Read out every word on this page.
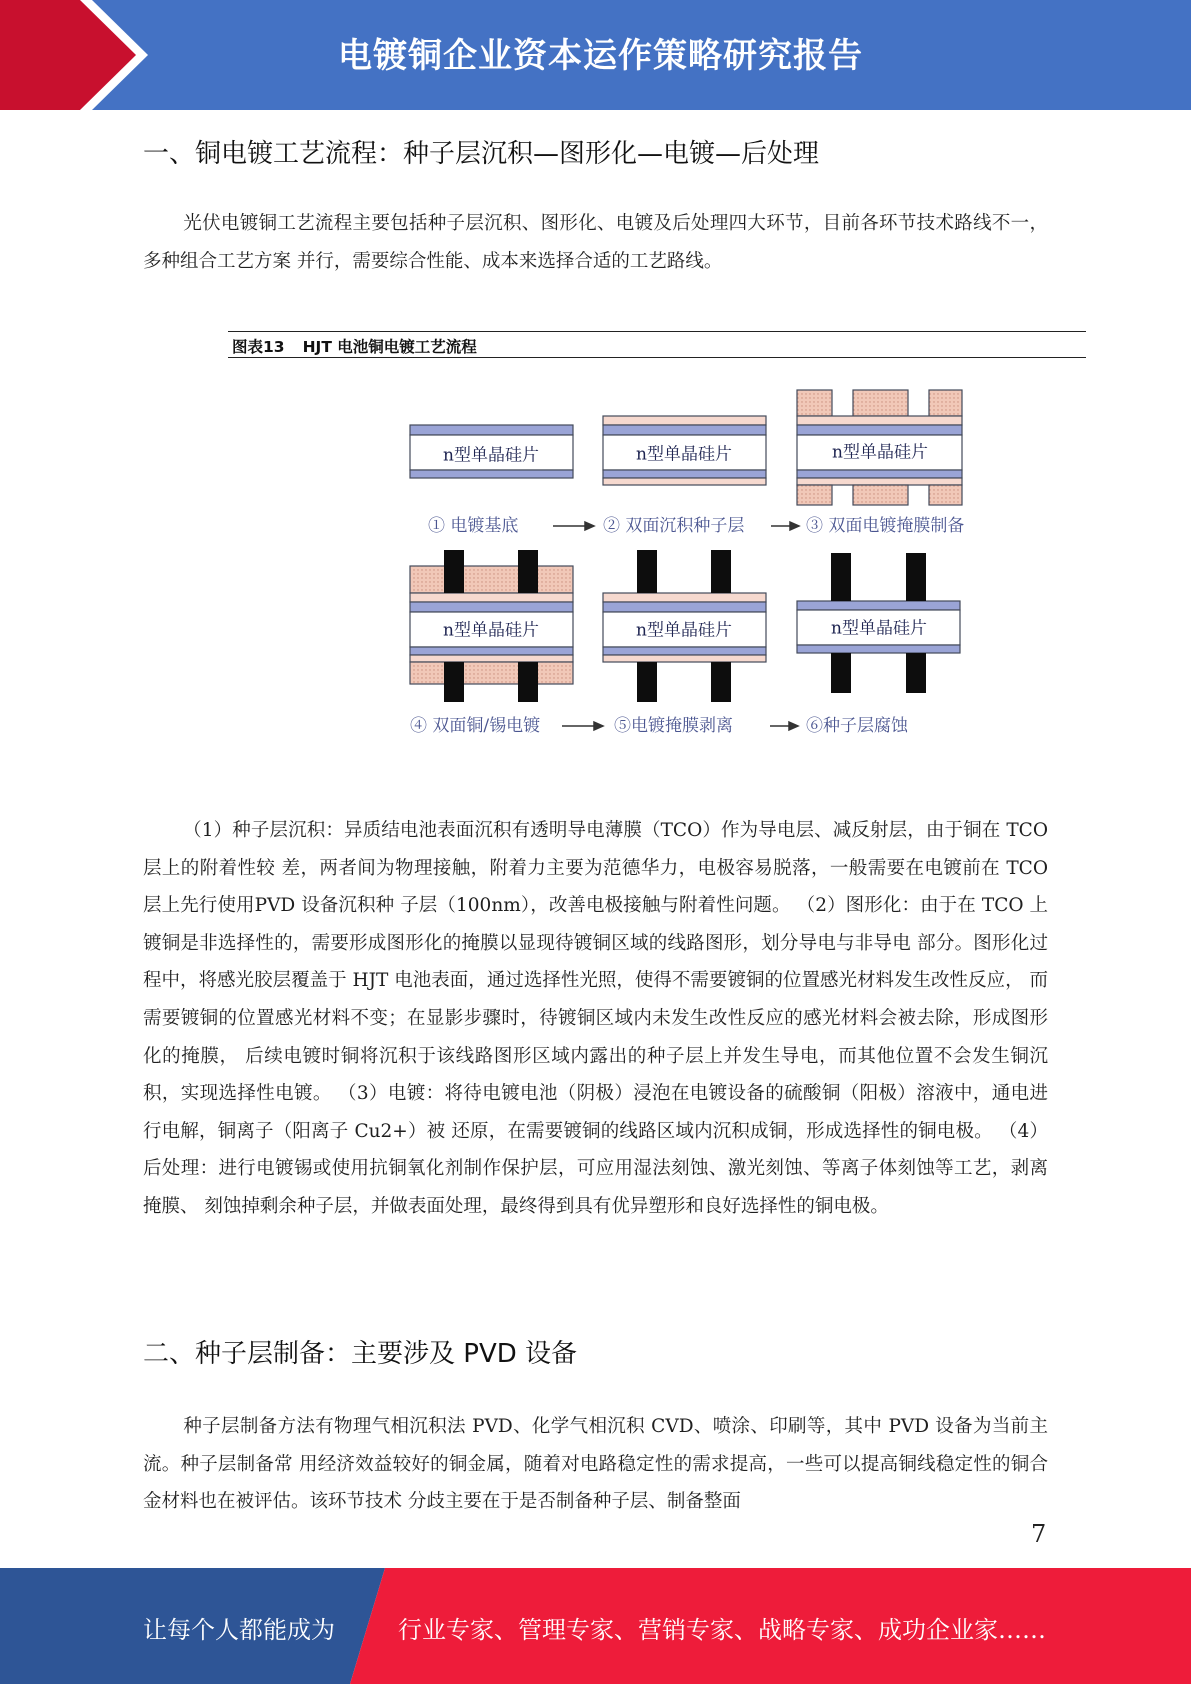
电镀铜企业资本运作策略研究报告
一、铜电镀工艺流程：种子层沉积—图形化—电镀—后处理
光伏电镀铜工艺流程主要包括种子层沉积、图形化、电镀及后处理四大环节，目前各环节技术路线不一，多种组合工艺方案 并行，需要综合性能、成本来选择合适的工艺路线。
图表13 HJT 电池铜电镀工艺流程
n型单晶硅片	n型单晶硅片	n型单晶硅片
① 电镀基底	② 双面沉积种子层	③ 双面电镀掩膜制备
n型单晶硅片	n型单晶硅片	n型单晶硅片
④ 双面铜/锡电镀	⑤电镀掩膜剥离	⑥种子层腐蚀
（1）种子层沉积：异质结电池表面沉积有透明导电薄膜（TCO）作为导电层、减反射层，由于铜在 TCO 层上的附着性较 差，两者间为物理接触，附着力主要为范德华力，电极容易脱落，一般需要在电镀前在 TCO 层上先行使用PVD 设备沉积种 子层（100nm），改善电极接触与附着性问题。 （2）图形化：由于在 TCO 上镀铜是非选择性的，需要形成图形化的掩膜以显现待镀铜区域的线路图形，划分导电与非导电 部分。图形化过程中，将感光胶层覆盖于 HJT 电池表面，通过选择性光照，使得不需要镀铜的位置感光材料发生改性反应， 而需要镀铜的位置感光材料不变；在显影步骤时，待镀铜区域内未发生改性反应的感光材料会被去除，形成图形化的掩膜， 后续电镀时铜将沉积于该线路图形区域内露出的种子层上并发生导电，而其他位置不会发生铜沉积，实现选择性电镀。 （3）电镀：将待电镀电池（阴极）浸泡在电镀设备的硫酸铜（阳极）溶液中，通电进行电解，铜离子（阳离子 Cu2+）被 还原，在需要镀铜的线路区域内沉积成铜，形成选择性的铜电极。 （4）后处理：进行电镀锡或使用抗铜氧化剂制作保护层，可应用湿法刻蚀、激光刻蚀、等离子体刻蚀等工艺，剥离掩膜、 刻蚀掉剩余种子层，并做表面处理，最终得到具有优异塑形和良好选择性的铜电极。
二、种子层制备：主要涉及 PVD 设备
种子层制备方法有物理气相沉积法 PVD、化学气相沉积 CVD、喷涂、印刷等，其中 PVD 设备为当前主流。种子层制备常 用经济效益较好的铜金属，随着对电路稳定性的需求提高，一些可以提高铜线稳定性的铜合金材料也在被评估。该环节技术 分歧主要在于是否制备种子层、制备整面
7
让每个人都能成为	行业专家、管理专家、营销专家、战略专家、成功企业家……
